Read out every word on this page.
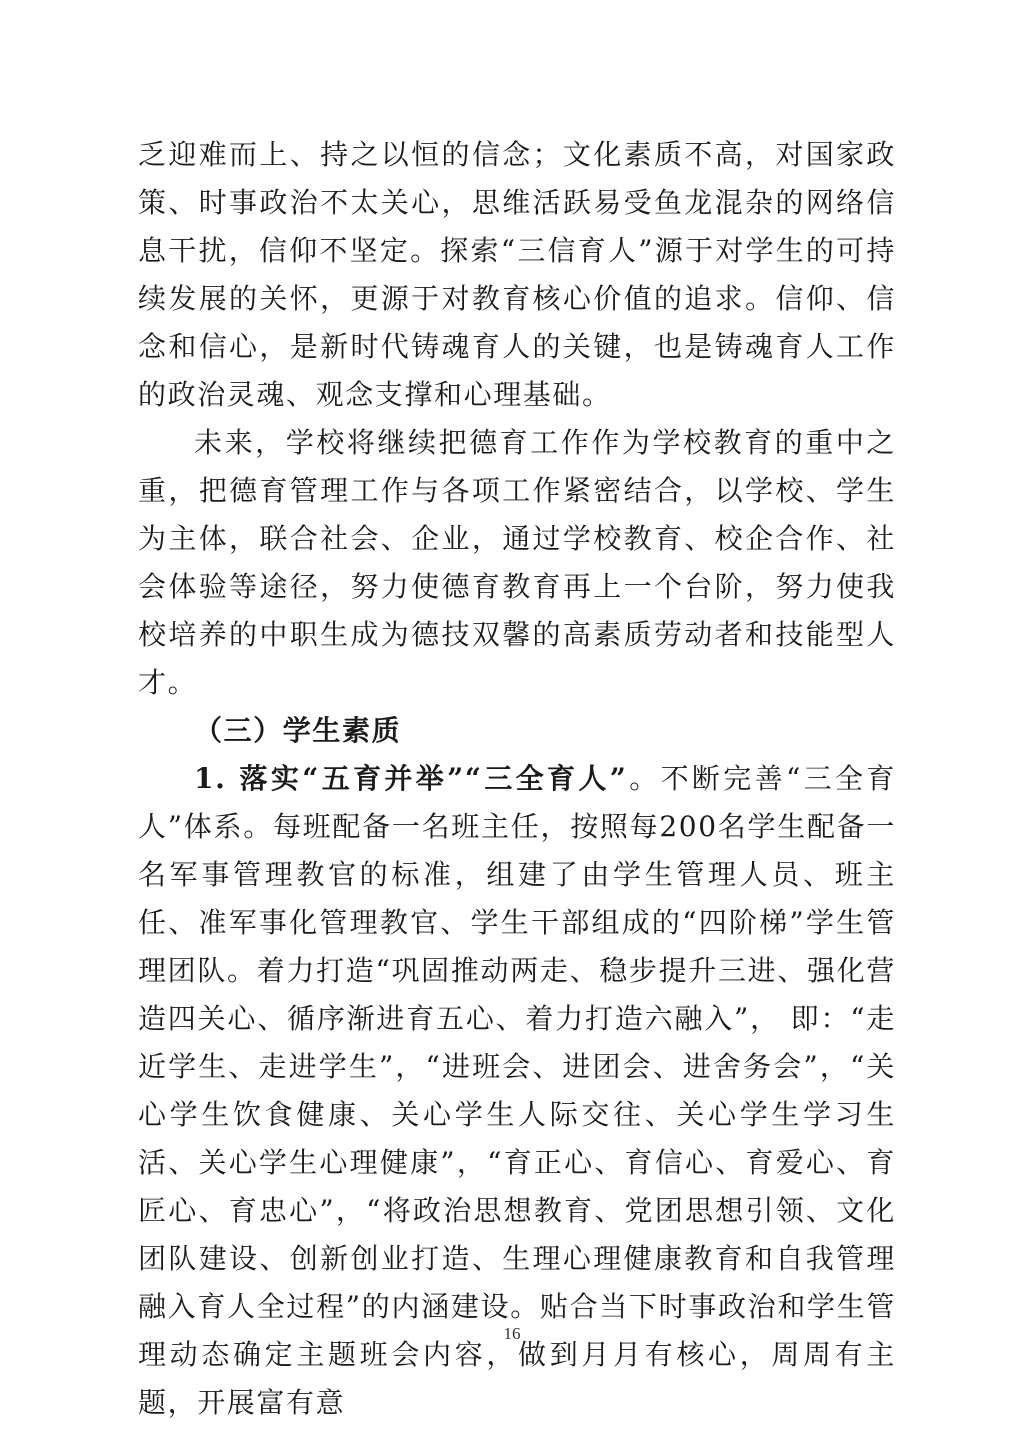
乏迎难而上、持之以恒的信念；文化素质不高，对国家政策、时事政治不太关心，思维活跃易受鱼龙混杂的网络信息干扰，信仰不坚定。探索“三信育人”源于对学生的可持续发展的关怀，更源于对教育核心价值的追求。信仰、信念和信心，是新时代铸魂育人的关键，也是铸魂育人工作的政治灵魂、观念支撑和心理基础。

未来，学校将继续把德育工作作为学校教育的重中之重，把德育管理工作与各项工作紧密结合，以学校、学生为主体，联合社会、企业，通过学校教育、校企合作、社会体验等途径，努力使德育教育再上一个台阶，努力使我校培养的中职生成为德技双馨的高素质劳动者和技能型人才。

（三）学生素质

1. 落实“五育并举”“三全育人”。不断完善“三全育人”体系。每班配备一名班主任，按照每200名学生配备一名军事管理教官的标准，组建了由学生管理人员、班主任、准军事化管理教官、学生干部组成的“四阶梯”学生管理团队。着力打造“巩固推动两走、稳步提升三进、强化营造四关心、循序渐进育五心、着力打造六融入”， 即：“走近学生、走进学生”，“进班会、进团会、进舍务会”，“关心学生饮食健康、关心学生人际交往、关心学生学习生活、关心学生心理健康”，“育正心、育信心、育爱心、育匠心、育忠心”，“将政治思想教育、党团思想引领、文化团队建设、创新创业打造、生理心理健康教育和自我管理融入育人全过程”的内涵建设。贴合当下时事政治和学生管理动态确定主题班会内容，做到月月有核心，周周有主题，开展富有意

16
